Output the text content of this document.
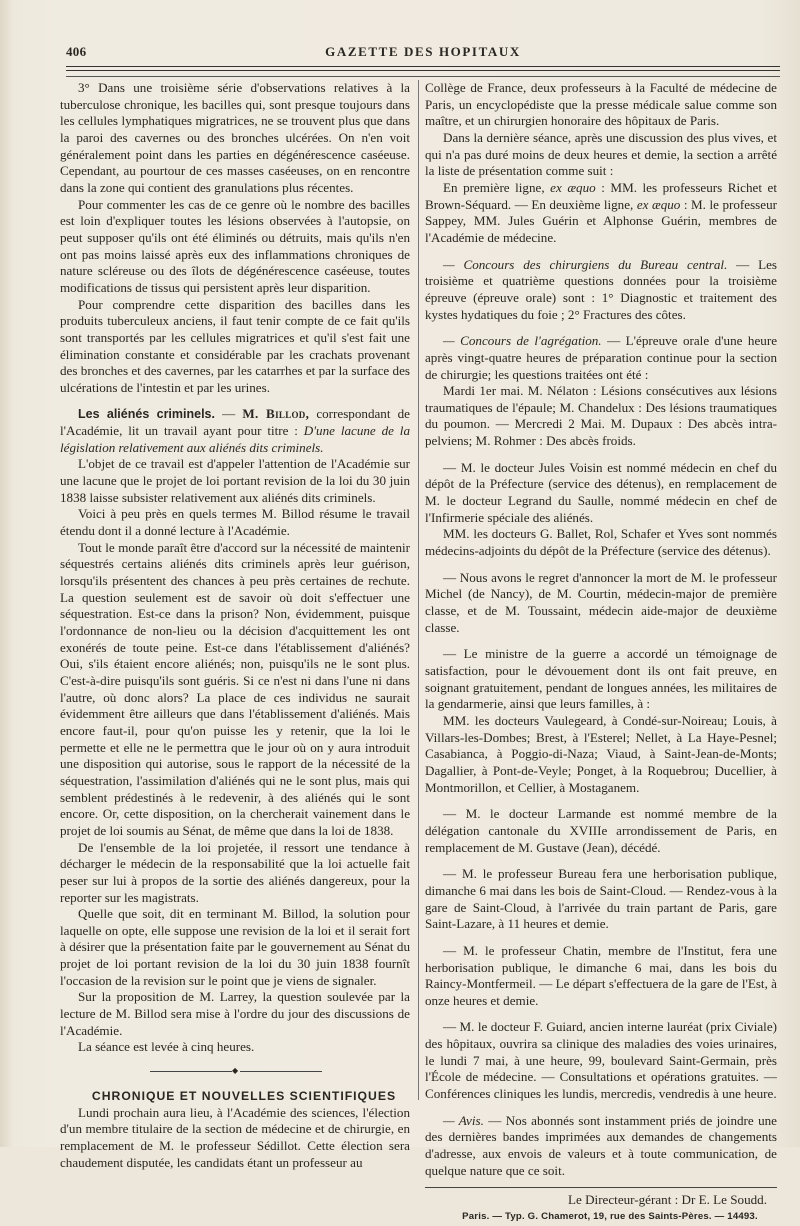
406	GAZETTE DES HOPITAUX

3° Dans une troisième série d'observations relatives à la tuberculose chronique, les bacilles qui, sont presque toujours dans les cellules lymphatiques migratrices, ne se trouvent plus que dans la paroi des cavernes ou des bronches ulcérées. On n'en voit généralement point dans les parties en dégénérescence caséeuse. Cependant, au pourtour de ces masses caséeuses, on en rencontre dans la zone qui contient des granulations plus récentes.

Pour commenter les cas de ce genre où le nombre des bacilles est loin d'expliquer toutes les lésions observées à l'autopsie, on peut supposer qu'ils ont été éliminés ou détruits, mais qu'ils n'en ont pas moins laissé après eux des inflammations chroniques de nature scléreuse ou des îlots de dégénérescence caséeuse, toutes modifications de tissus qui persistent après leur disparition.

Pour comprendre cette disparition des bacilles dans les produits tuberculeux anciens, il faut tenir compte de ce fait qu'ils sont transportés par les cellules migratrices et qu'il s'est fait une élimination constante et considérable par les crachats provenant des bronches et des cavernes, par les catarrhes et par la surface des ulcérations de l'intestin et par les urines.

Les aliénés criminels. — M. Billod, correspondant de l'Académie, lit un travail ayant pour titre : D'une lacune de la législation relativement aux aliénés dits criminels.

L'objet de ce travail est d'appeler l'attention de l'Académie sur une lacune que le projet de loi portant revision de la loi du 30 juin 1838 laisse subsister relativement aux aliénés dits criminels.

Voici à peu près en quels termes M. Billod résume le travail étendu dont il a donné lecture à l'Académie.

Tout le monde paraît être d'accord sur la nécessité de maintenir séquestrés certains aliénés dits criminels après leur guérison, lorsqu'ils présentent des chances à peu près certaines de rechute. La question seulement est de savoir où doit s'effectuer une séquestration. Est-ce dans la prison? Non, évidemment, puisque l'ordonnance de non-lieu ou la décision d'acquittement les ont exonérés de toute peine. Est-ce dans l'établissement d'aliénés? Oui, s'ils étaient encore aliénés; non, puisqu'ils ne le sont plus. C'est-à-dire puisqu'ils sont guéris. Si ce n'est ni dans l'une ni dans l'autre, où donc alors? La place de ces individus ne saurait évidemment être ailleurs que dans l'établissement d'aliénés. Mais encore faut-il, pour qu'on puisse les y retenir, que la loi le permette et elle ne le permettra que le jour où on y aura introduit une disposition qui autorise, sous le rapport de la nécessité de la séquestration, l'assimilation d'aliénés qui ne le sont plus, mais qui semblent prédestinés à le redevenir, à des aliénés qui le sont encore. Or, cette disposition, on la chercherait vainement dans le projet de loi soumis au Sénat, de même que dans la loi de 1838.

De l'ensemble de la loi projetée, il ressort une tendance à décharger le médecin de la responsabilité que la loi actuelle fait peser sur lui à propos de la sortie des aliénés dangereux, pour la reporter sur les magistrats.

Quelle que soit, dit en terminant M. Billod, la solution pour laquelle on opte, elle suppose une revision de la loi et il serait fort à désirer que la présentation faite par le gouvernement au Sénat du projet de loi portant revision de la loi du 30 juin 1838 fournît l'occasion de la revision sur le point que je viens de signaler.

Sur la proposition de M. Larrey, la question soulevée par la lecture de M. Billod sera mise à l'ordre du jour des discussions de l'Académie.

La séance est levée à cinq heures.

◆

CHRONIQUE ET NOUVELLES SCIENTIFIQUES

Lundi prochain aura lieu, à l'Académie des sciences, l'élection d'un membre titulaire de la section de médecine et de chirurgie, en remplacement de M. le professeur Sédillot. Cette élection sera chaudement disputée, les candidats étant un professeur au

Collège de France, deux professeurs à la Faculté de médecine de Paris, un encyclopédiste que la presse médicale salue comme son maître, et un chirurgien honoraire des hôpitaux de Paris.

Dans la dernière séance, après une discussion des plus vives, et qui n'a pas duré moins de deux heures et demie, la section a arrêté la liste de présentation comme suit :

En première ligne, ex æquo : MM. les professeurs Richet et Brown-Séquard. — En deuxième ligne, ex æquo : M. le professeur Sappey, MM. Jules Guérin et Alphonse Guérin, membres de l'Académie de médecine.

— Concours des chirurgiens du Bureau central. — Les troisième et quatrième questions données pour la troisième épreuve (épreuve orale) sont : 1° Diagnostic et traitement des kystes hydatiques du foie ; 2° Fractures des côtes.

— Concours de l'agrégation. — L'épreuve orale d'une heure après vingt-quatre heures de préparation continue pour la section de chirurgie; les questions traitées ont été :

Mardi 1er mai. M. Nélaton : Lésions consécutives aux lésions traumatiques de l'épaule; M. Chandelux : Des lésions traumatiques du poumon. — Mercredi 2 Mai. M. Dupaux : Des abcès intra-pelviens; M. Rohmer : Des abcès froids.

— M. le docteur Jules Voisin est nommé médecin en chef du dépôt de la Préfecture (service des détenus), en remplacement de M. le docteur Legrand du Saulle, nommé médecin en chef de l'Infirmerie spéciale des aliénés.

MM. les docteurs G. Ballet, Rol, Schafer et Yves sont nommés médecins-adjoints du dépôt de la Préfecture (service des détenus).

— Nous avons le regret d'annoncer la mort de M. le professeur Michel (de Nancy), de M. Courtin, médecin-major de première classe, et de M. Toussaint, médecin aide-major de deuxième classe.

— Le ministre de la guerre a accordé un témoignage de satisfaction, pour le dévouement dont ils ont fait preuve, en soignant gratuitement, pendant de longues années, les militaires de la gendarmerie, ainsi que leurs familles, à :

MM. les docteurs Vaulegeard, à Condé-sur-Noireau; Louis, à Villars-les-Dombes; Brest, à l'Esterel; Nellet, à La Haye-Pesnel; Casabianca, à Poggio-di-Naza; Viaud, à Saint-Jean-de-Monts; Dagallier, à Pont-de-Veyle; Ponget, à la Roquebrou; Ducellier, à Montmorillon, et Cellier, à Mostaganem.

— M. le docteur Larmande est nommé membre de la délégation cantonale du XVIIIe arrondissement de Paris, en remplacement de M. Gustave (Jean), décédé.

— M. le professeur Bureau fera une herborisation publique, dimanche 6 mai dans les bois de Saint-Cloud. — Rendez-vous à la gare de Saint-Cloud, à l'arrivée du train partant de Paris, gare Saint-Lazare, à 11 heures et demie.

— M. le professeur Chatin, membre de l'Institut, fera une herborisation publique, le dimanche 6 mai, dans les bois du Raincy-Montfermeil. — Le départ s'effectuera de la gare de l'Est, à onze heures et demie.

— M. le docteur F. Guiard, ancien interne lauréat (prix Civiale) des hôpitaux, ouvrira sa clinique des maladies des voies urinaires, le lundi 7 mai, à une heure, 99, boulevard Saint-Germain, près l'École de médecine. — Consultations et opérations gratuites. — Conférences cliniques les lundis, mercredis, vendredis à une heure.

— Avis. — Nos abonnés sont instamment priés de joindre une des dernières bandes imprimées aux demandes de changements d'adresse, aux envois de valeurs et à toute communication, de quelque nature que ce soit.

Le Directeur-gérant : Dr E. Le Soudd.

Paris. — Typ. G. Chamerot, 19, rue des Saints-Pères. — 14493.
